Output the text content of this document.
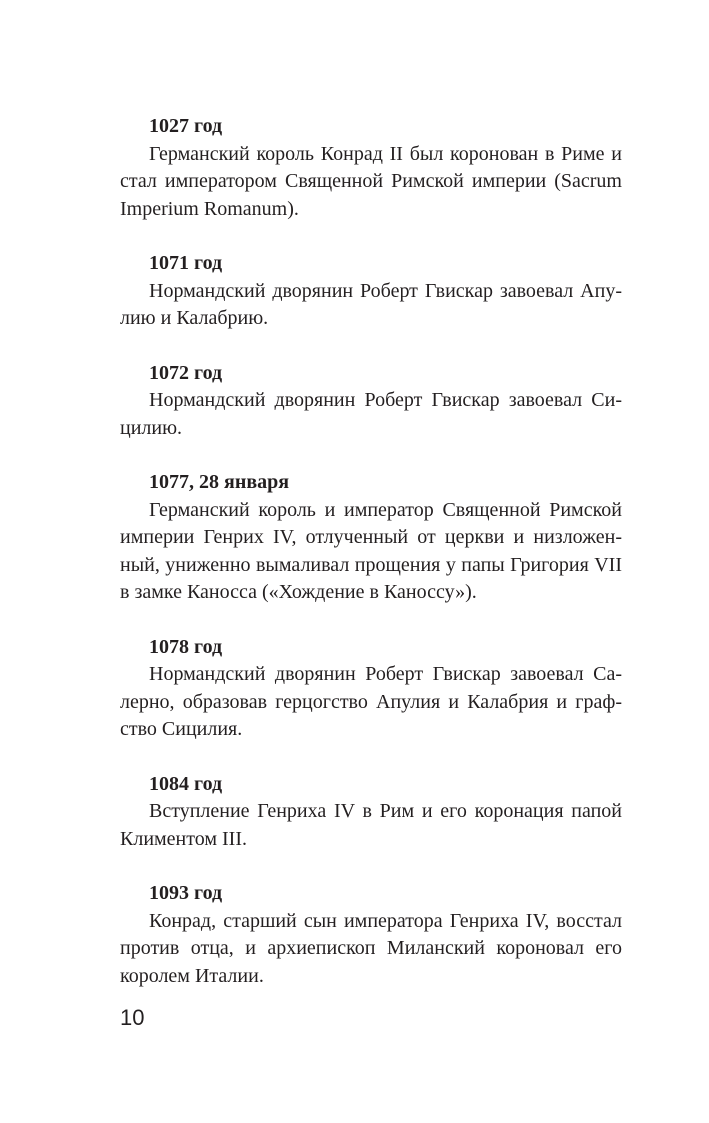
1027 год
Германский король Конрад II был коронован в Риме и стал императором Священной Римской империи (Sacrum Imperium Romanum).
1071 год
Нормандский дворянин Роберт Гвискар завоевал Апулию и Калабрию.
1072 год
Нормандский дворянин Роберт Гвискар завоевал Сицилию.
1077, 28 января
Германский король и император Священной Римской империи Генрих IV, отлученный от церкви и низложенный, униженно вымаливал прощения у папы Григория VII в замке Каносса («Хождение в Каноссу»).
1078 год
Нормандский дворянин Роберт Гвискар завоевал Салерно, образовав герцогство Апулия и Калабрия и графство Сицилия.
1084 год
Вступление Генриха IV в Рим и его коронация папой Климентом III.
1093 год
Конрад, старший сын императора Генриха IV, восстал против отца, и архиепископ Миланский короновал его королем Италии.
10
